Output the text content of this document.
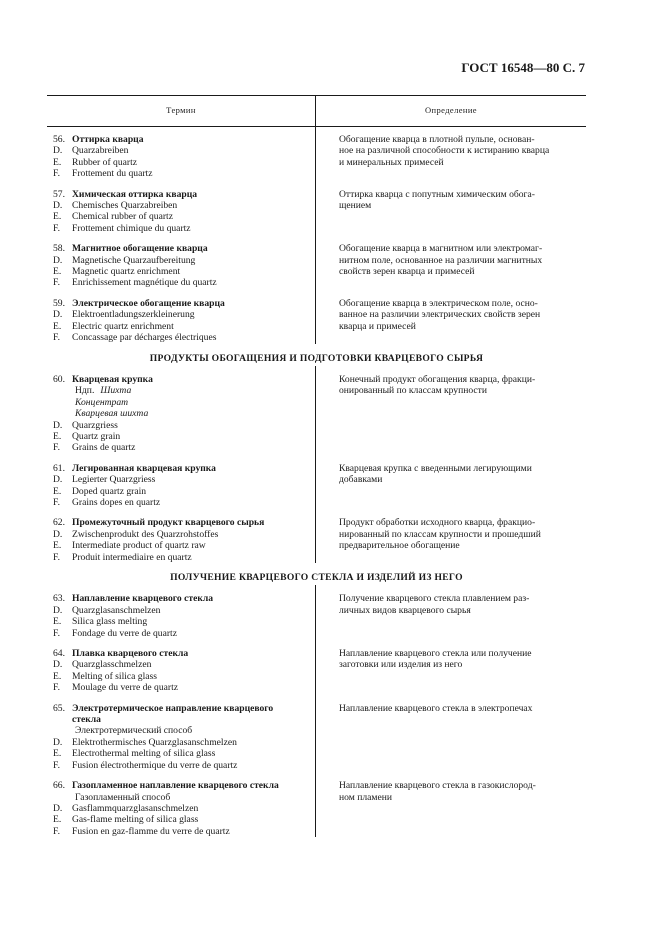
ГОСТ 16548—80 С. 7
Термин	Определение
56. Оттирка кварца
D. Quarzabreiben
E. Rubber of quartz
F. Frottement du quartz
Обогащение кварца в плотной пульпе, основан-
ное на различной способности к истиранию кварца
и минеральных примесей
57. Химическая оттирка кварца
D. Chemisches Quarzabreiben
E. Chemical rubber of quartz
F. Frottement chimique du quartz
Оттирка кварца с попутным химическим обога-
щением
58. Магнитное обогащение кварца
D. Magnetische Quarzaufbereitung
E. Magnetic quartz enrichment
F. Enrichissement magnétique du quartz
Обогащение кварца в магнитном или электромаг-
нитном поле, основанное на различии магнитных
свойств зерен кварца и примесей
59. Электрическое обогащение кварца
D. Elektroentladungszerkleinerung
E. Electric quartz enrichment
F. Concassage par décharges électriques
Обогащение кварца в электрическом поле, осно-
ванное на различии электрических свойств зерен
кварца и примесей
ПРОДУКТЫ ОБОГАЩЕНИЯ И ПОДГОТОВКИ КВАРЦЕВОГО СЫРЬЯ
60. Кварцевая крупка
Ндп. Шихта
Концентрат
Кварцевая шихта
D. Quarzgriess
E. Quartz grain
F. Grains de quartz
Конечный продукт обогащения кварца, фракци-
онированный по классам крупности
61. Легированная кварцевая крупка
D. Legierter Quarzgriess
E. Doped quartz grain
F. Grains dopes en quartz
Кварцевая крупка с введенными легирующими
добавками
62. Промежуточный продукт кварцевого сырья
D. Zwischenprodukt des Quarzrohstoffes
E. Intermediate product of quartz raw
F. Produit intermediaire en quartz
Продукт обработки исходного кварца, фракцио-
нированный по классам крупности и прошедший
предварительное обогащение
ПОЛУЧЕНИЕ КВАРЦЕВОГО СТЕКЛА И ИЗДЕЛИЙ ИЗ НЕГО
63. Наплавление кварцевого стекла
D. Quarzglasanschmelzen
E. Silica glass melting
F. Fondage du verre de quartz
Получение кварцевого стекла плавлением раз-
личных видов кварцевого сырья
64. Плавка кварцевого стекла
D. Quarzglasschmelzen
E. Melting of silica glass
F. Moulage du verre de quartz
Наплавление кварцевого стекла или получение
заготовки или изделия из него
65. Электротермическое направление кварцевого
стекла
Электротермический способ
D. Elektrothermisches Quarzglasanschmelzen
E. Electrothermal melting of silica glass
F. Fusion électrothermique du verre de quartz
Наплавление кварцевого стекла в электропечах
66. Газопламенное наплавление кварцевого стекла
Газопламенный способ
D. Gasflammquarzglasanschmelzen
E. Gas-flame melting of silica glass
F. Fusion en gaz-flamme du verre de quartz
Наплавление кварцевого стекла в газокислород-
ном пламени
